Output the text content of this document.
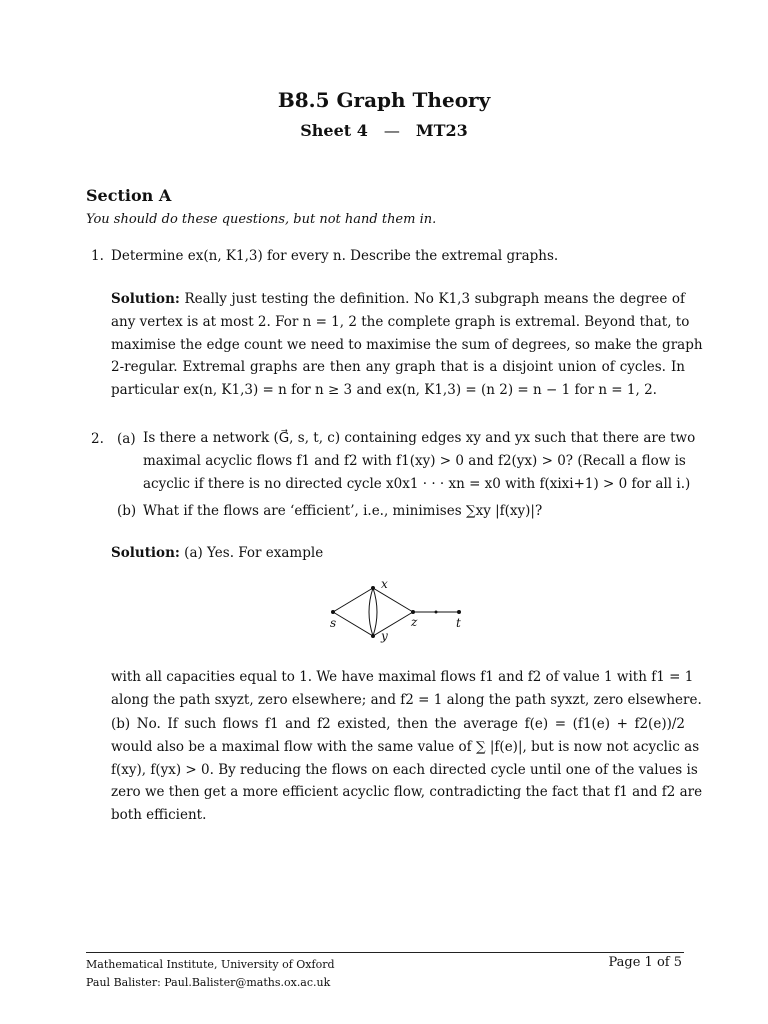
B8.5 Graph Theory
Sheet 4 — MT23
Section A
You should do these questions, but not hand them in.
1. Determine ex(n, K1,3) for every n. Describe the extremal graphs.
Solution: Really just testing the definition. No K1,3 subgraph means the degree of
any vertex is at most 2. For n = 1, 2 the complete graph is extremal. Beyond that, to
maximise the edge count we need to maximise the sum of degrees, so make the graph
2-regular. Extremal graphs are then any graph that is a disjoint union of cycles. In
particular ex(n, K1,3) = n for n ≥ 3 and ex(n, K1,3) = (n 2) = n − 1 for n = 1, 2.
2. (a) Is there a network (G⃗, s, t, c) containing edges xy and yx such that there are two
maximal acyclic flows f1 and f2 with f1(xy) > 0 and f2(yx) > 0? (Recall a flow is
acyclic if there is no directed cycle x0x1 · · · xn = x0 with f(xixi+1) > 0 for all i.)
(b) What if the flows are ‘efficient’, i.e., minimises ∑xy |f(xy)|?
Solution: (a) Yes. For example
s
x
y
z	t
with all capacities equal to 1. We have maximal flows f1 and f2 of value 1 with f1 = 1
along the path sxyzt, zero elsewhere; and f2 = 1 along the path syxzt, zero elsewhere.
(b) No. If such flows f1 and f2 existed, then the average f(e) = (f1(e) + f2(e))/2
would also be a maximal flow with the same value of ∑ |f(e)|, but is now not acyclic as
f(xy), f(yx) > 0. By reducing the flows on each directed cycle until one of the values is
zero we then get a more efficient acyclic flow, contradicting the fact that f1 and f2 are
both efficient.
Mathematical Institute, University of Oxford
Paul Balister: Paul.Balister@maths.ox.ac.uk
Page 1 of 5
